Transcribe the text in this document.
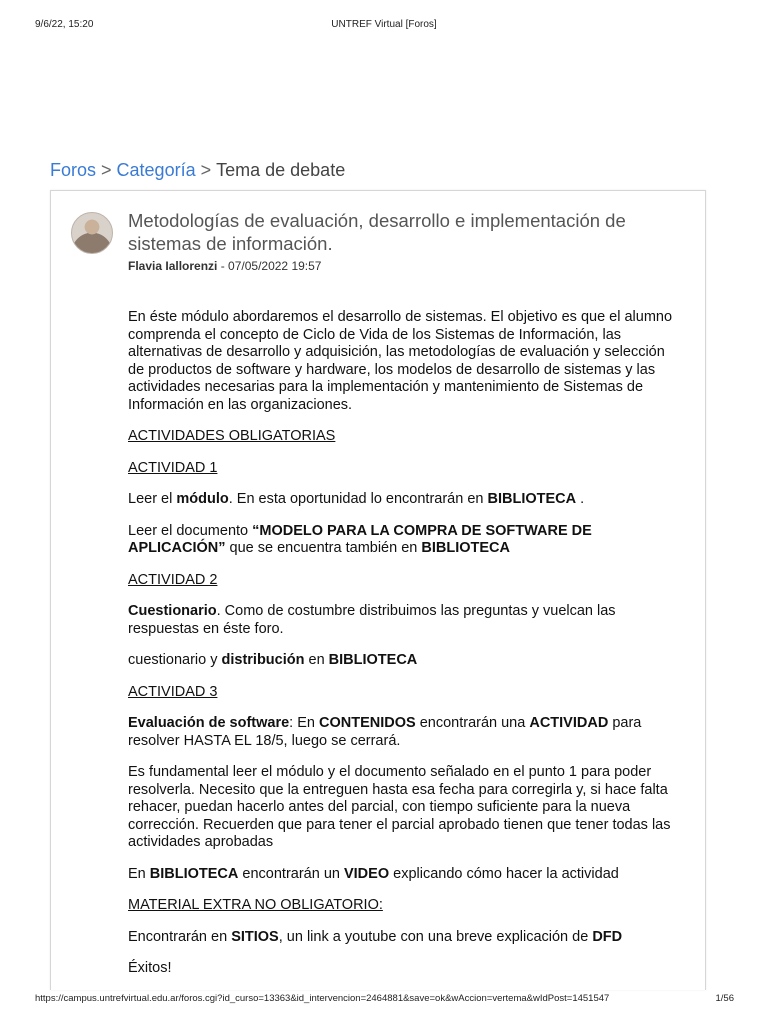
9/6/22, 15:20	UNTREF Virtual [Foros]
Foros > Categoría > Tema de debate
Metodologías de evaluación, desarrollo e implementación de sistemas de información.
Flavia Iallorenzi - 07/05/2022 19:57

En éste módulo abordaremos el desarrollo de sistemas. El objetivo es que el alumno comprenda el concepto de Ciclo de Vida de los Sistemas de Información, las alternativas de desarrollo y adquisición, las metodologías de evaluación y selección de productos de software y hardware, los modelos de desarrollo de sistemas y las actividades necesarias para la implementación y mantenimiento de Sistemas de Información en las organizaciones.

ACTIVIDADES OBLIGATORIAS

ACTIVIDAD 1

Leer el módulo. En esta oportunidad lo encontrarán en BIBLIOTECA .

Leer el documento “MODELO PARA LA COMPRA DE SOFTWARE DE APLICACIÓN” que se encuentra también en BIBLIOTECA

ACTIVIDAD 2

Cuestionario. Como de costumbre distribuimos las preguntas y vuelcan las respuestas en éste foro.

cuestionario y distribución en BIBLIOTECA

ACTIVIDAD 3

Evaluación de software: En CONTENIDOS encontrarán una ACTIVIDAD para resolver HASTA EL 18/5, luego se cerrará.

Es fundamental leer el módulo y el documento señalado en el punto 1 para poder resolverla. Necesito que la entreguen hasta esa fecha para corregirla y, si hace falta rehacer, puedan hacerlo antes del parcial, con tiempo suficiente para la nueva corrección. Recuerden que para tener el parcial aprobado tienen que tener todas las actividades aprobadas

En BIBLIOTECA encontrarán un VIDEO explicando cómo hacer la actividad

MATERIAL EXTRA NO OBLIGATORIO:

Encontrarán en SITIOS, un link a youtube con una breve explicación de DFD

Éxitos!

https://campus.untrefvirtual.edu.ar/foros.cgi?id_curso=13363&id_intervencion=2464881&save=ok&wAccion=vertema&wIdPost=1451547	1/56
